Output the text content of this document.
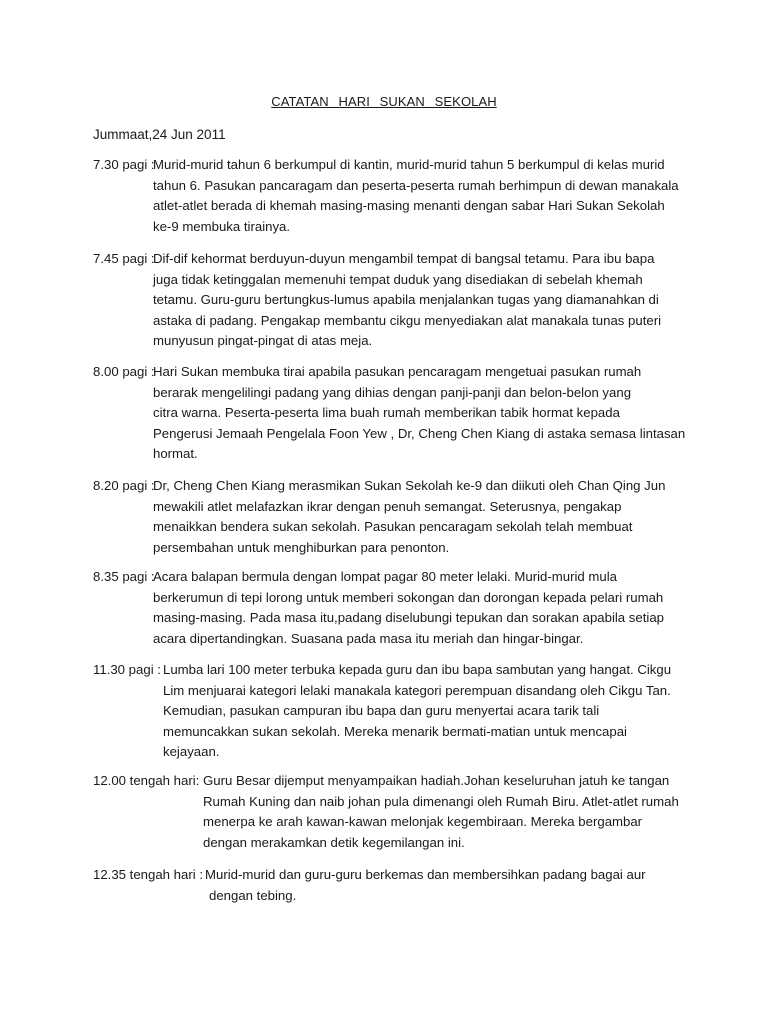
CATATAN HARI SUKAN SEKOLAH
Jummaat,24 Jun 2011
7.30 pagi :
Murid-murid tahun 6 berkumpul di kantin, murid-murid tahun 5 berkumpul di kelas murid
tahun 6. Pasukan pancaragam dan peserta-peserta rumah berhimpun di dewan manakala
atlet-atlet berada di khemah masing-masing menanti dengan sabar Hari Sukan Sekolah
ke-9 membuka tirainya.
7.45 pagi :
Dif-dif kehormat berduyun-duyun mengambil tempat di bangsal tetamu. Para ibu bapa
juga tidak ketinggalan memenuhi tempat duduk yang disediakan di sebelah khemah
tetamu. Guru-guru bertungkus-lumus apabila menjalankan tugas yang diamanahkan di
astaka di padang. Pengakap membantu cikgu menyediakan alat manakala tunas puteri
munyusun pingat-pingat di atas meja.
8.00 pagi :
Hari Sukan membuka tirai apabila pasukan pencaragam mengetuai pasukan rumah
berarak mengelilingi padang yang dihias dengan panji-panji dan belon-belon yang
citra warna. Peserta-peserta lima buah rumah memberikan tabik hormat kepada
Pengerusi Jemaah Pengelala Foon Yew , Dr, Cheng Chen Kiang di astaka semasa lintasan
hormat.
8.20 pagi :
Dr, Cheng Chen Kiang merasmikan Sukan Sekolah ke-9 dan diikuti oleh Chan Qing Jun
mewakili atlet melafazkan ikrar dengan penuh semangat. Seterusnya, pengakap
menaikkan bendera sukan sekolah. Pasukan pencaragam sekolah telah membuat
persembahan untuk menghiburkan para penonton.
8.35 pagi :
Acara balapan bermula dengan lompat pagar 80 meter lelaki. Murid-murid mula
berkerumun di tepi lorong untuk memberi sokongan dan dorongan kepada pelari rumah
masing-masing. Pada masa itu,padang diselubungi tepukan dan sorakan apabila setiap
acara dipertandingkan. Suasana pada masa itu meriah dan hingar-bingar.
11.30 pagi : Lumba lari 100 meter terbuka kepada guru dan ibu bapa sambutan yang hangat. Cikgu
Lim menjuarai kategori lelaki manakala kategori perempuan disandang oleh Cikgu Tan.
Kemudian, pasukan campuran ibu bapa dan guru menyertai acara tarik tali
memuncakkan sukan sekolah. Mereka menarik bermati-matian untuk mencapai
kejayaan.
12.00 tengah hari: Guru Besar dijemput menyampaikan hadiah.Johan keseluruhan jatuh ke tangan
Rumah Kuning dan naib johan pula dimenangi oleh Rumah Biru. Atlet-atlet rumah
menerpa ke arah kawan-kawan melonjak kegembiraan. Mereka bergambar
dengan merakamkan detik kegemilangan ini.
12.35 tengah hari : Murid-murid dan guru-guru berkemas dan membersihkan padang bagai aur
dengan tebing.
